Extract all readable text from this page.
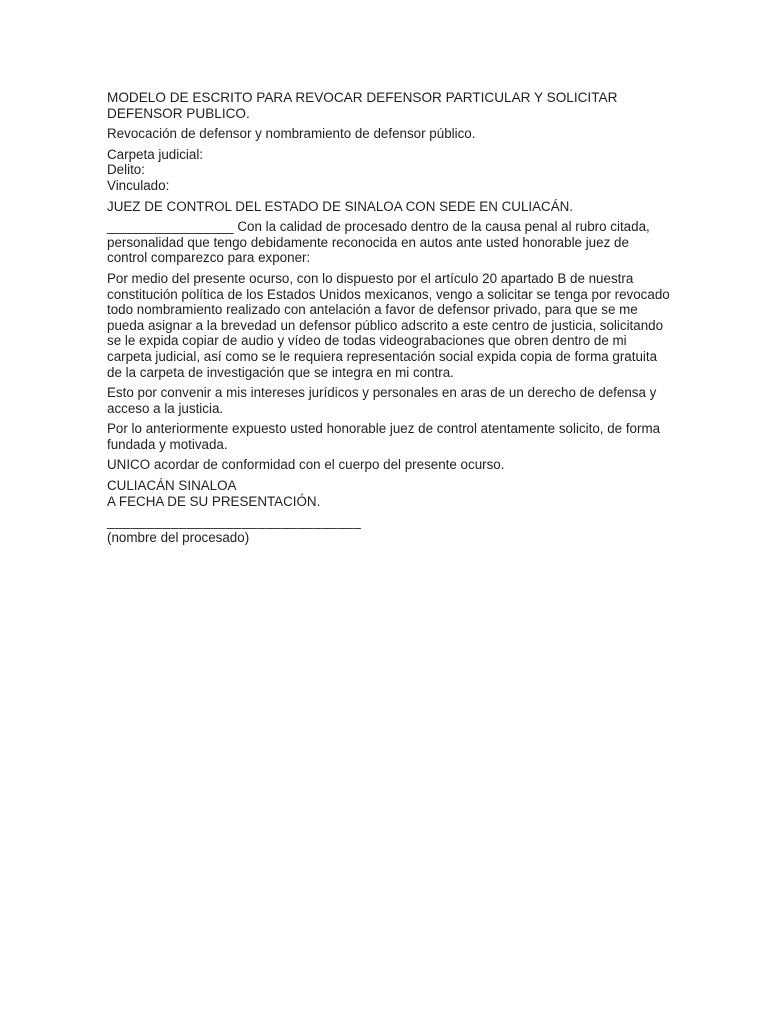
MODELO DE ESCRITO PARA REVOCAR DEFENSOR PARTICULAR Y SOLICITAR
DEFENSOR PUBLICO.
Revocación de defensor y nombramiento de defensor público.
Carpeta judicial:
Delito:
Vinculado:
JUEZ DE CONTROL DEL ESTADO DE SINALOA CON SEDE EN CULIACÁN.
_________________ Con la calidad de procesado dentro de la causa penal al rubro citada,
personalidad que tengo debidamente reconocida en autos ante usted honorable juez de
control comparezco para exponer:
Por medio del presente ocurso, con lo dispuesto por el artículo 20 apartado B de nuestra
constitución política de los Estados Unidos mexicanos, vengo a solicitar se tenga por revocado
todo nombramiento realizado con antelación a favor de defensor privado, para que se me
pueda asignar a la brevedad un defensor público adscrito a este centro de justicia, solicitando
se le expida copiar de audio y vídeo de todas videograbaciones que obren dentro de mi
carpeta judicial, así como se le requiera representación social expida copia de forma gratuita
de la carpeta de investigación que se integra en mi contra.
Esto por convenir a mis intereses jurídicos y personales en aras de un derecho de defensa y
acceso a la justicia.
Por lo anteriormente expuesto usted honorable juez de control atentamente solicito, de forma
fundada y motivada.
UNICO acordar de conformidad con el cuerpo del presente ocurso.
CULIACÁN SINALOA
A FECHA DE SU PRESENTACIÓN.
________________________________
(nombre del procesado)
